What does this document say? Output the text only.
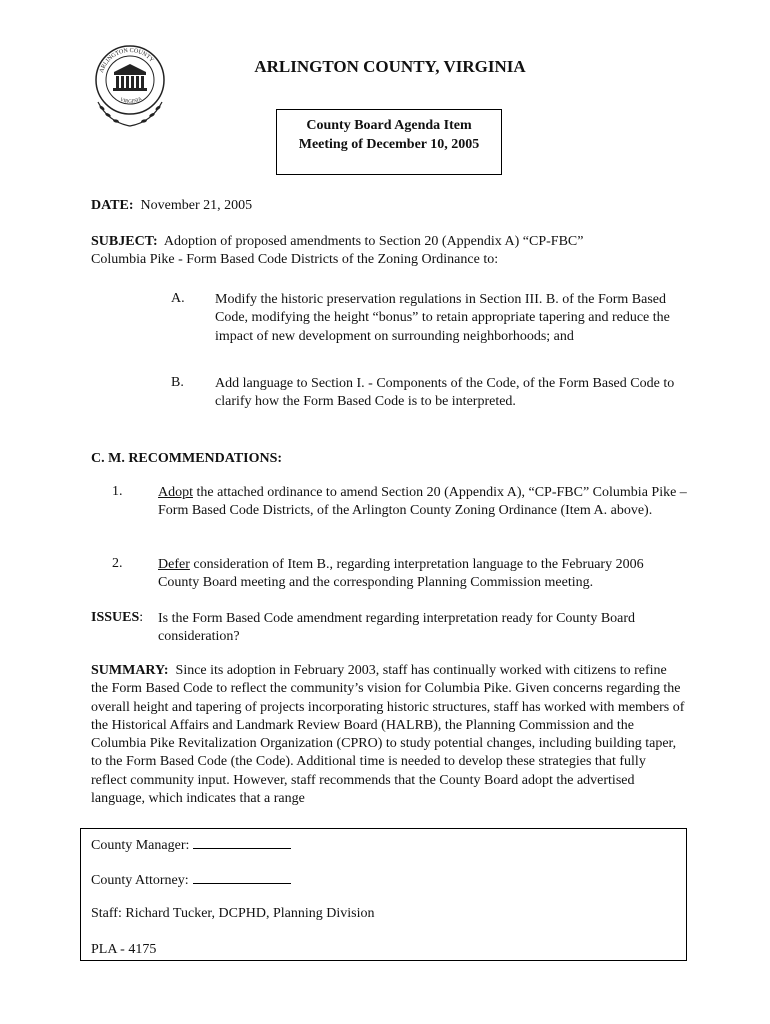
ARLINGTON COUNTY
VIRGINIA
ARLINGTON COUNTY, VIRGINIA
County Board Agenda Item
Meeting of December 10, 2005
DATE: November 21, 2005
SUBJECT: Adoption of proposed amendments to Section 20 (Appendix A) “CP-FBC”
Columbia Pike - Form Based Code Districts of the Zoning Ordinance to:
A. Modify the historic preservation regulations in Section III. B. of the Form Based Code, modifying the height “bonus” to retain appropriate tapering and reduce the impact of new development on surrounding neighborhoods; and
B. Add language to Section I. - Components of the Code, of the Form Based Code to clarify how the Form Based Code is to be interpreted.
C. M. RECOMMENDATIONS:
1.	Adopt the attached ordinance to amend Section 20 (Appendix A), “CP-FBC” Columbia Pike – Form Based Code Districts, of the Arlington County Zoning Ordinance (Item A. above).
2.	Defer consideration of Item B., regarding interpretation language to the February 2006 County Board meeting and the corresponding Planning Commission meeting.
ISSUES: Is the Form Based Code amendment regarding interpretation ready for County Board
consideration?
SUMMARY: Since its adoption in February 2003, staff has continually worked with citizens to refine the Form Based Code to reflect the community’s vision for Columbia Pike. Given concerns regarding the overall height and tapering of projects incorporating historic structures, staff has worked with members of the Historical Affairs and Landmark Review Board (HALRB), the Planning Commission and the Columbia Pike Revitalization Organization (CPRO) to study potential changes, including building taper, to the Form Based Code (the Code). Additional time is needed to develop these strategies that fully reflect community input. However, staff recommends that the County Board adopt the advertised language, which indicates that a range
County Manager:
County Attorney:
Staff: Richard Tucker, DCPHD, Planning Division
PLA - 4175
